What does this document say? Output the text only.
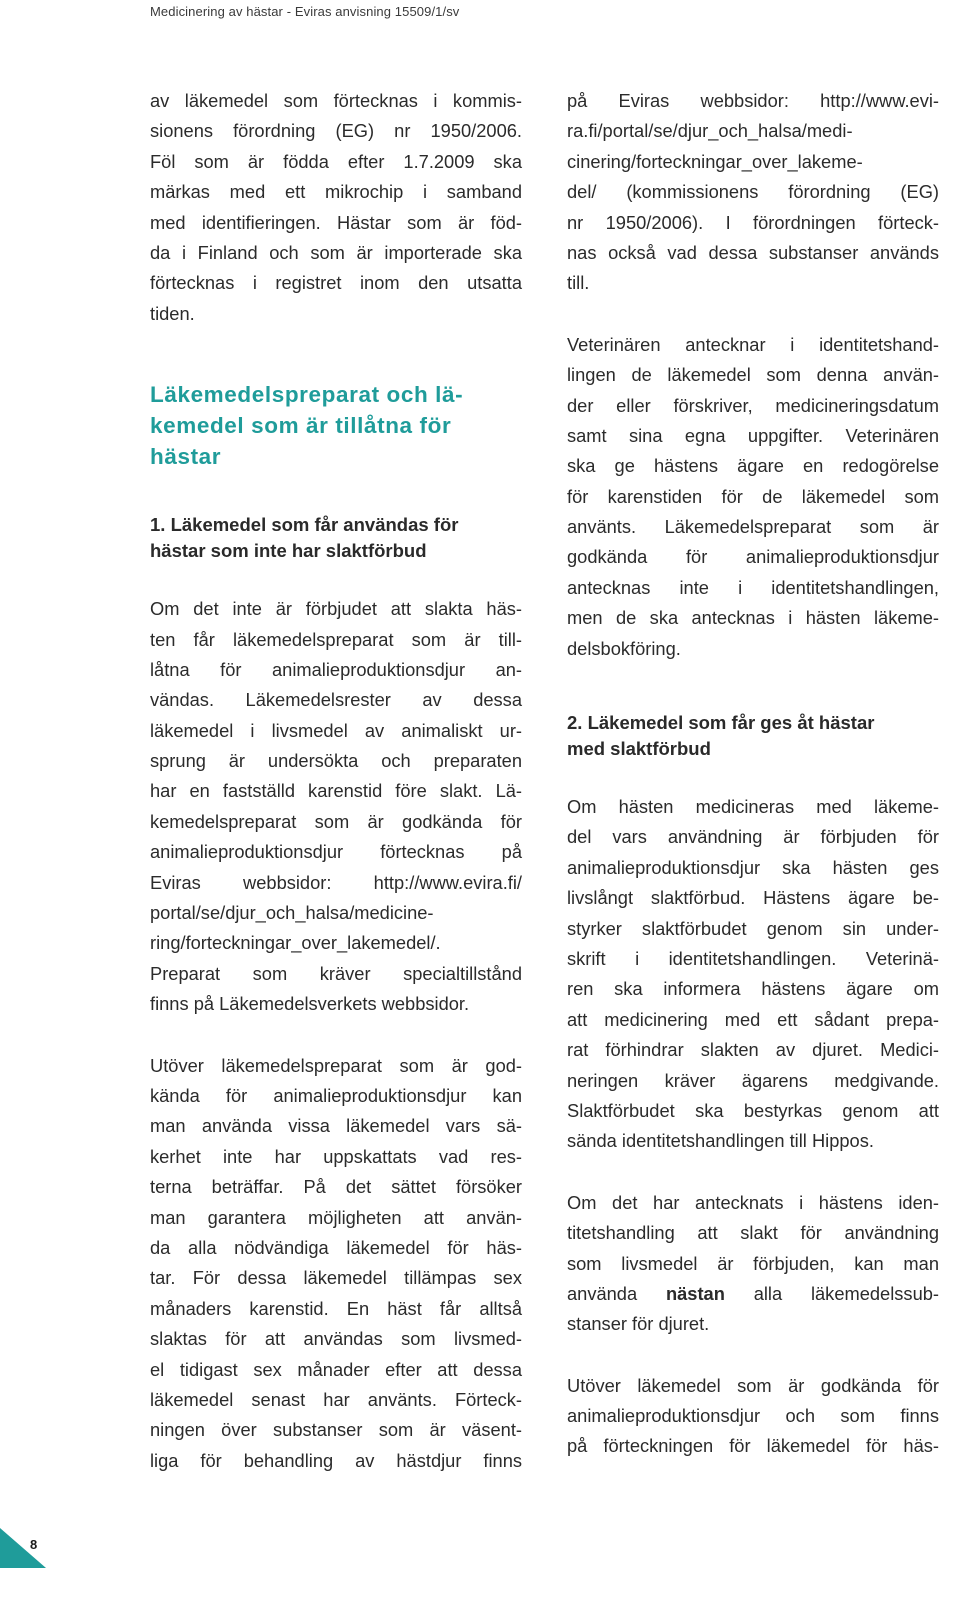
Medicinering av hästar - Eviras anvisning 15509/1/sv
av läkemedel som förtecknas i kommis-
sionens förordning (EG) nr 1950/2006.
Föl som är födda efter 1.7.2009 ska
märkas med ett mikrochip i samband
med identifieringen. Hästar som är föd-
da i Finland och som är importerade ska
förtecknas i registret inom den utsatta
tiden.
Läkemedelspreparat och lä-
kemedel som är tillåtna för
hästar
1. Läkemedel som får användas för
hästar som inte har slaktförbud
Om det inte är förbjudet att slakta häs-
ten får läkemedelspreparat som är till-
låtna för animalieproduktionsdjur an-
vändas. Läkemedelsrester av dessa
läkemedel i livsmedel av animaliskt ur-
sprung är undersökta och preparaten
har en fastställd karenstid före slakt. Lä-
kemedelspreparat som är godkända för
animalieproduktionsdjur förtecknas på
Eviras webbsidor: http://www.evira.fi/
portal/se/djur_och_halsa/medicine-
ring/forteckningar_over_lakemedel/.
Preparat som kräver specialtillstånd
finns på Läkemedelsverkets webbsidor.
Utöver läkemedelspreparat som är god-
kända för animalieproduktionsdjur kan
man använda vissa läkemedel vars sä-
kerhet inte har uppskattats vad res-
terna beträffar. På det sättet försöker
man garantera möjligheten att använ-
da alla nödvändiga läkemedel för häs-
tar. För dessa läkemedel tillämpas sex
månaders karenstid. En häst får alltså
slaktas för att användas som livsmed-
el tidigast sex månader efter att dessa
läkemedel senast har använts. Förteck-
ningen över substanser som är väsent-
liga för behandling av hästdjur finns
på Eviras webbsidor: http://www.evi-
ra.fi/portal/se/djur_och_halsa/medi-
cinering/forteckningar_over_lakeme-
del/ (kommissionens förordning (EG)
nr 1950/2006). I förordningen förteck-
nas också vad dessa substanser används
till.
Veterinären antecknar i identitetshand-
lingen de läkemedel som denna använ-
der eller förskriver, medicineringsdatum
samt sina egna uppgifter. Veterinären
ska ge hästens ägare en redogörelse
för karenstiden för de läkemedel som
använts. Läkemedelspreparat som är
godkända för animalieproduktionsdjur
antecknas inte i identitetshandlingen,
men de ska antecknas i hästen läkeme-
delsbokföring.
2. Läkemedel som får ges åt hästar
med slaktförbud
Om hästen medicineras med läkeme-
del vars användning är förbjuden för
animalieproduktionsdjur ska hästen ges
livslångt slaktförbud. Hästens ägare be-
styrker slaktförbudet genom sin under-
skrift i identitetshandlingen. Veterinä-
ren ska informera hästens ägare om
att medicinering med ett sådant prepa-
rat förhindrar slakten av djuret. Medici-
neringen kräver ägarens medgivande.
Slaktförbudet ska bestyrkas genom att
sända identitetshandlingen till Hippos.
Om det har antecknats i hästens iden-
titetshandling att slakt för användning
som livsmedel är förbjuden, kan man
använda nästan alla läkemedelssub-
stanser för djuret.
Utöver läkemedel som är godkända för
animalieproduktionsdjur och som finns
på förteckningen för läkemedel för häs-
8
